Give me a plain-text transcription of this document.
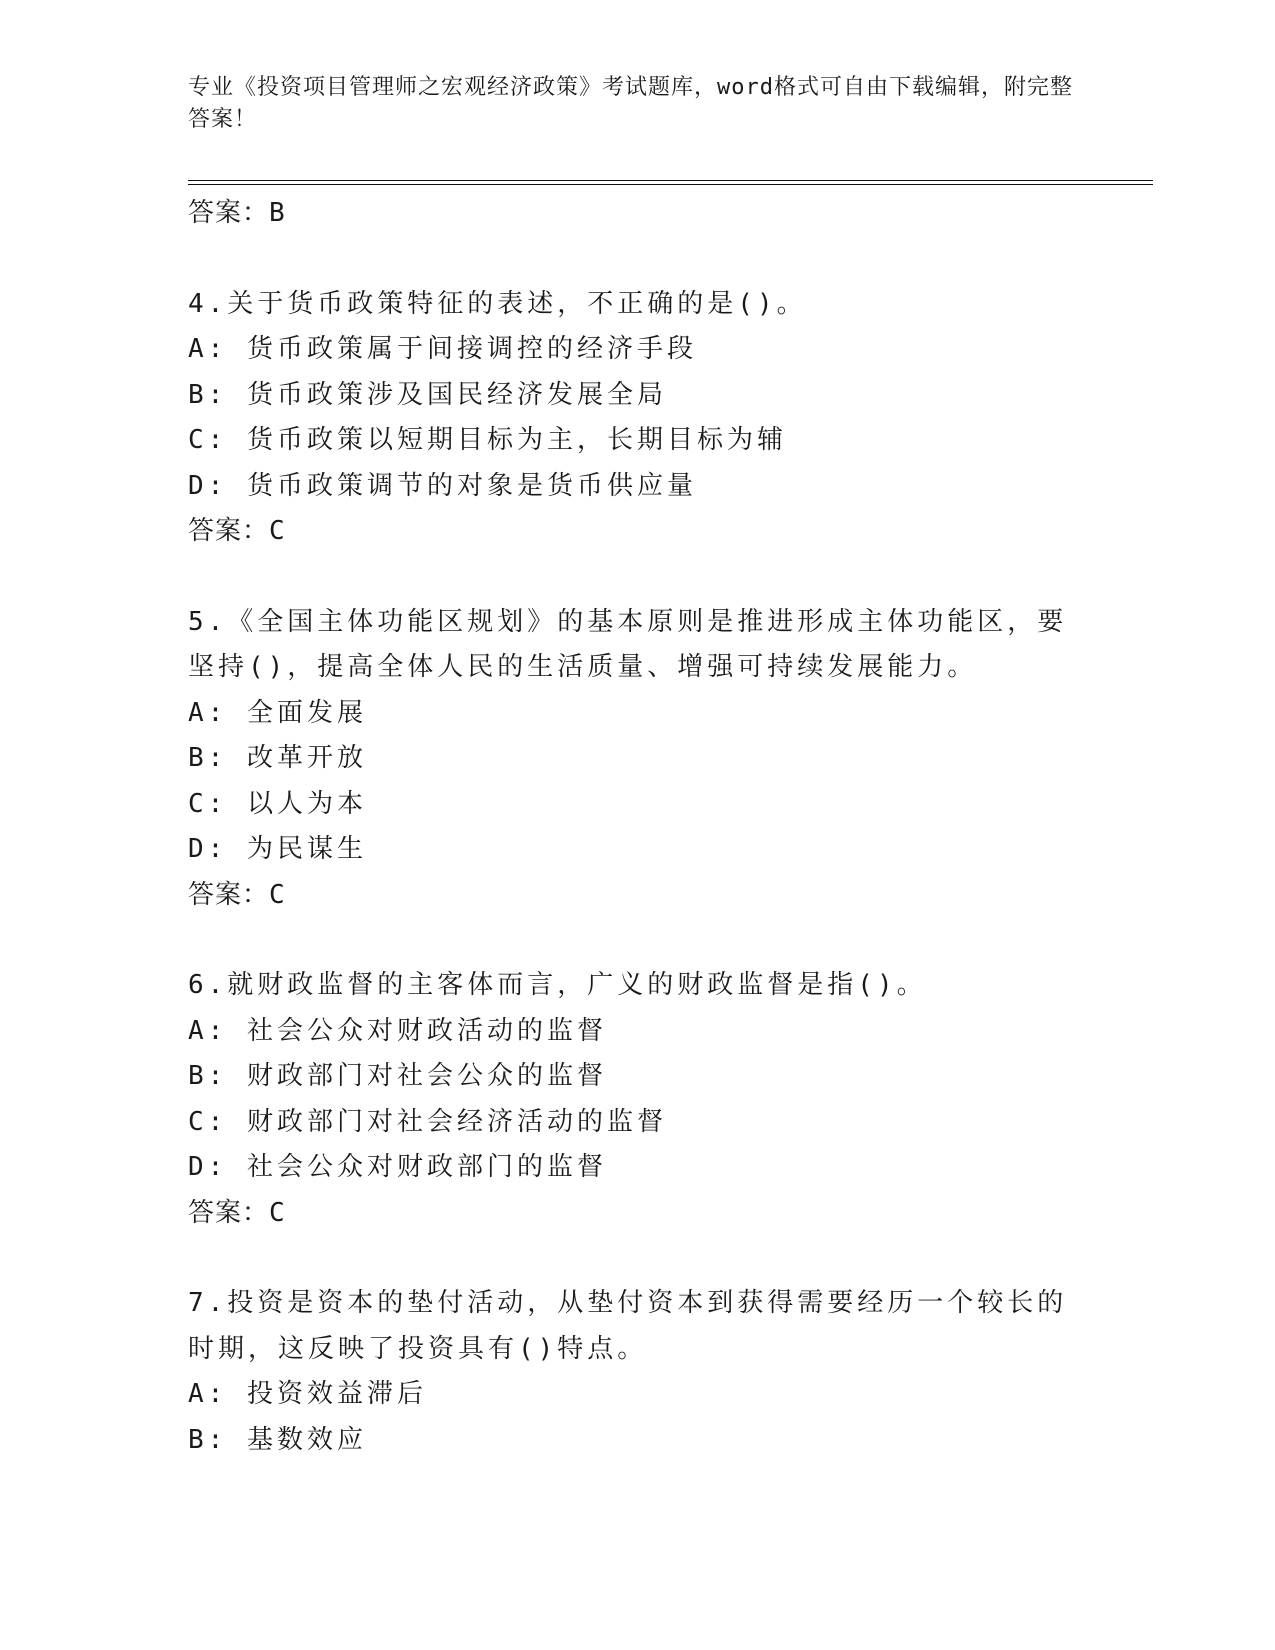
专业《投资项目管理师之宏观经济政策》考试题库，word格式可自由下载编辑，附完整答案！
答案：B
4.关于货币政策特征的表述，不正确的是()。
A: 货币政策属于间接调控的经济手段
B: 货币政策涉及国民经济发展全局
C: 货币政策以短期目标为主，长期目标为辅
D: 货币政策调节的对象是货币供应量
答案：C
5.《全国主体功能区规划》的基本原则是推进形成主体功能区，要坚持()，提高全体人民的生活质量、增强可持续发展能力。
A: 全面发展
B: 改革开放
C: 以人为本
D: 为民谋生
答案：C
6.就财政监督的主客体而言，广义的财政监督是指()。
A: 社会公众对财政活动的监督
B: 财政部门对社会公众的监督
C: 财政部门对社会经济活动的监督
D: 社会公众对财政部门的监督
答案：C
7.投资是资本的垫付活动，从垫付资本到获得需要经历一个较长的时期，这反映了投资具有()特点。
A: 投资效益滞后
B: 基数效应
